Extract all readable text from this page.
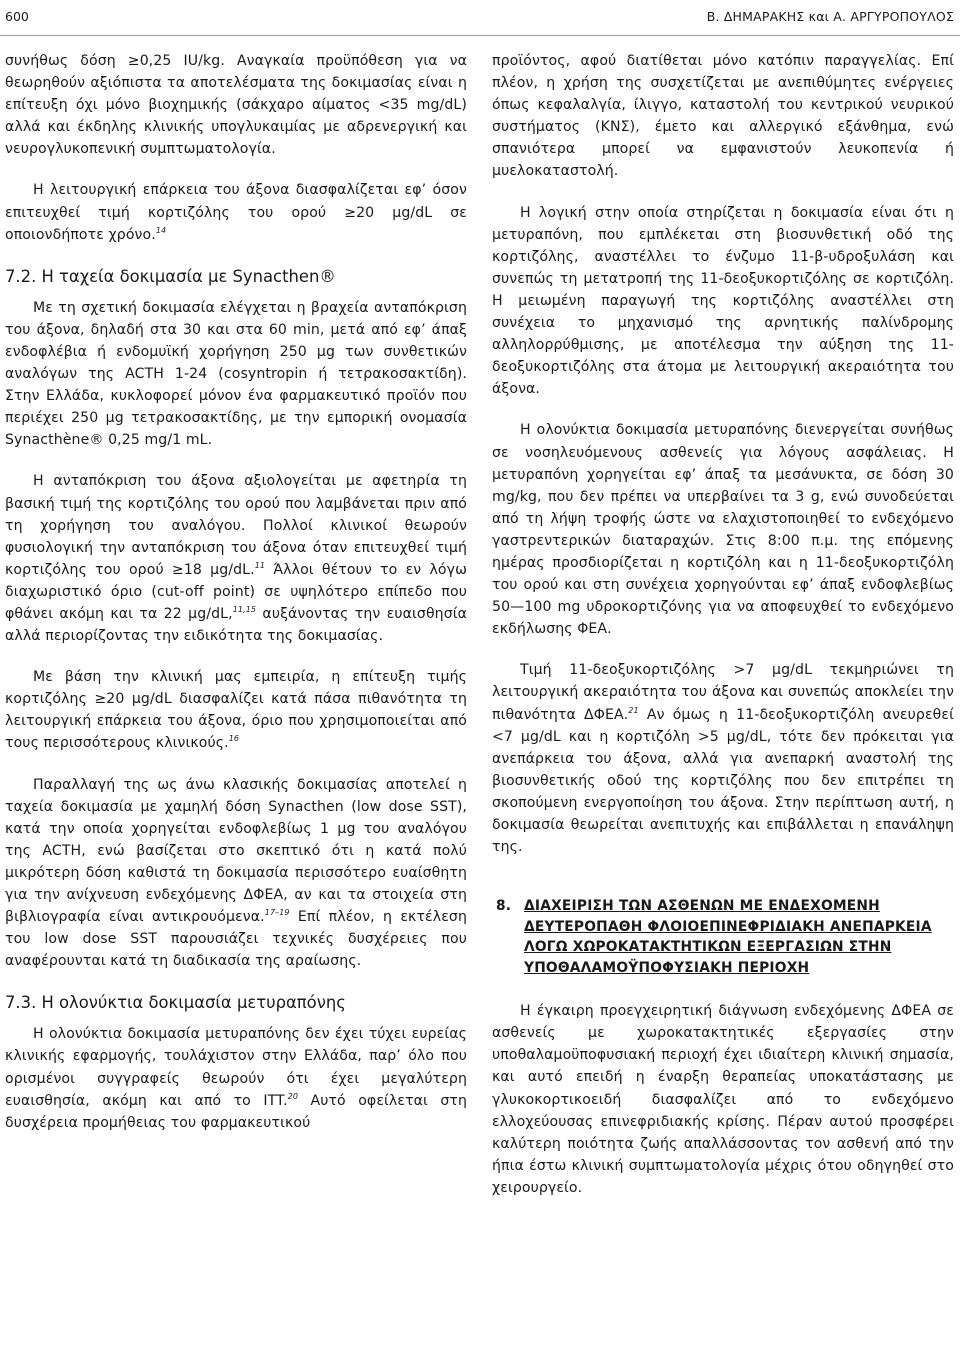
600	Β. ΔΗΜΑΡΑΚΗΣ και Α. ΑΡΓΥΡΟΠΟΥΛΟΣ

συνήθως δόση ≥0,25 IU/kg. Αναγκαία προϋπόθεση για να θεωρηθούν αξιόπιστα τα αποτελέσματα της δοκιμασίας είναι η επίτευξη όχι μόνο βιοχημικής (σάκχαρο αίματος <35 mg/dL) αλλά και έκδηλης κλινικής υπογλυκαιμίας με αδρενεργική και νευρογλυκοπενική συμπτωματολογία.

Η λειτουργική επάρκεια του άξονα διασφαλίζεται εφ’ όσον επιτευχθεί τιμή κορτιζόλης του ορού ≥20 μg/dL σε οποιονδήποτε χρόνο.$^{14}$

7.2. Η ταχεία δοκιμασία με Synacthen®

Με τη σχετική δοκιμασία ελέγχεται η βραχεία ανταπόκριση του άξονα, δηλαδή στα 30 και στα 60 min, μετά από εφ’ άπαξ ενδοφλέβια ή ενδομυϊκή χορήγηση 250 μg των συνθετικών αναλόγων της ACTH 1-24 (cosyntropin ή τετρακοσακτίδη). Στην Ελλάδα, κυκλοφορεί μόνον ένα φαρμακευτικό προϊόν που περιέχει 250 μg τετρακοσακτίδης, με την εμπορική ονομασία Synacthène® 0,25 mg/1 mL.

Η ανταπόκριση του άξονα αξιολογείται με αφετηρία τη βασική τιμή της κορτιζόλης του ορού που λαμβάνεται πριν από τη χορήγηση του αναλόγου. Πολλοί κλινικοί θεωρούν φυσιολογική την ανταπόκριση του άξονα όταν επιτευχθεί τιμή κορτιζόλης του ορού ≥18 μg/dL.$^{11}$ Άλλοι θέτουν το εν λόγω διαχωριστικό όριο (cut-off point) σε υψηλότερο επίπεδο που φθάνει ακόμη και τα 22 μg/dL,$^{11,15}$ αυξάνοντας την ευαισθησία αλλά περιορίζοντας την ειδικότητα της δοκιμασίας.

Με βάση την κλινική μας εμπειρία, η επίτευξη τιμής κορτιζόλης ≥20 μg/dL διασφαλίζει κατά πάσα πιθανότητα τη λειτουργική επάρκεια του άξονα, όριο που χρησιμοποιείται από τους περισσότερους κλινικούς.$^{16}$

Παραλλαγή της ως άνω κλασικής δοκιμασίας αποτελεί η ταχεία δοκιμασία με χαμηλή δόση Synacthen (low dose SST), κατά την οποία χορηγείται ενδοφλεβίως 1 μg του αναλόγου της ACTH, ενώ βασίζεται στο σκεπτικό ότι η κατά πολύ μικρότερη δόση καθιστά τη δοκιμασία περισσότερο ευαίσθητη για την ανίχνευση ενδεχόμενης ΔΦΕΑ, αν και τα στοιχεία στη βιβλιογραφία είναι αντικρουόμενα.$^{17-19}$ Επί πλέον, η εκτέλεση του low dose SST παρουσιάζει τεχνικές δυσχέρειες που αναφέρουνται κατά τη διαδικασία της αραίωσης.

7.3. Η ολονύκτια δοκιμασία μετυραπόνης

Η ολονύκτια δοκιμασία μετυραπόνης δεν έχει τύχει ευρείας κλινικής εφαρμογής, τουλάχιστον στην Ελλάδα, παρ’ όλο που ορισμένοι συγγραφείς θεωρούν ότι έχει μεγαλύτερη ευαισθησία, ακόμη και από το ITT.$^{20}$ Αυτό οφείλεται στη δυσχέρεια προμήθειας του φαρμακευτικού

προϊόντος, αφού διατίθεται μόνο κατόπιν παραγγελίας. Επί πλέον, η χρήση της συσχετίζεται με ανεπιθύμητες ενέργειες όπως κεφαλαλγία, ίλιγγο, καταστολή του κεντρικού νευρικού συστήματος (ΚΝΣ), έμετο και αλλεργικό εξάνθημα, ενώ σπανιότερα μπορεί να εμφανιστούν λευκοπενία ή μυελοκαταστολή.

Η λογική στην οποία στηρίζεται η δοκιμασία είναι ότι η μετυραπόνη, που εμπλέκεται στη βιοσυνθετική οδό της κορτιζόλης, αναστέλλει το ένζυμο 11-β-υδροξυλάση και συνεπώς τη μετατροπή της 11-δεοξυκορτιζόλης σε κορτιζόλη. Η μειωμένη παραγωγή της κορτιζόλης αναστέλλει στη συνέχεια το μηχανισμό της αρνητικής παλίνδρομης αλληλορρύθμισης, με αποτέλεσμα την αύξηση της 11-δεοξυκορτιζόλης στα άτομα με λειτουργική ακεραιότητα του άξονα.

Η ολονύκτια δοκιμασία μετυραπόνης διενεργείται συνήθως σε νοσηλευόμενους ασθενείς για λόγους ασφάλειας. Η μετυραπόνη χορηγείται εφ’ άπαξ τα μεσάνυκτα, σε δόση 30 mg/kg, που δεν πρέπει να υπερβαίνει τα 3 g, ενώ συνοδεύεται από τη λήψη τροφής ώστε να ελαχιστοποιηθεί το ενδεχόμενο γαστρεντερικών διαταραχών. Στις 8:00 π.μ. της επόμενης ημέρας προσδιορίζεται η κορτιζόλη και η 11-δεοξυκορτιζόλη του ορού και στη συνέχεια χορηγούνται εφ’ άπαξ ενδοφλεβίως 50—100 mg υδροκορτιζόνης για να αποφευχθεί το ενδεχόμενο εκδήλωσης ΦΕΑ.

Τιμή 11-δεοξυκορτιζόλης >7 μg/dL τεκμηριώνει τη λειτουργική ακεραιότητα του άξονα και συνεπώς αποκλείει την πιθανότητα ΔΦΕΑ.$^{21}$ Αν όμως η 11-δεοξυκορτιζόλη ανευρεθεί <7 μg/dL και η κορτιζόλη >5 μg/dL, τότε δεν πρόκειται για ανεπάρκεια του άξονα, αλλά για ανεπαρκή αναστολή της βιοσυνθετικής οδού της κορτιζόλης που δεν επιτρέπει τη σκοπούμενη ενεργοποίηση του άξονα. Στην περίπτωση αυτή, η δοκιμασία θεωρείται ανεπιτυχής και επιβάλλεται η επανάληψη της.

8. ΔΙΑΧΕΙΡΙΣΗ ΤΩΝ ΑΣΘΕΝΩΝ ΜΕ ΕΝΔΕΧΟΜΕΝΗ ΔΕΥΤΕΡΟΠΑΘΗ ΦΛΟΙΟΕΠΙΝΕΦΡΙΔΙΑΚΗ ΑΝΕΠΑΡΚΕΙΑ ΛΟΓΩ ΧΩΡΟΚΑΤΑΚΤΗΤΙΚΩΝ ΕΞΕΡΓΑΣΙΩΝ ΣΤΗΝ ΥΠΟΘΑΛΑΜΟΫΠΟΦΥΣΙΑΚΗ ΠΕΡΙΟΧΗ

Η έγκαιρη προεγχειρητική διάγνωση ενδεχόμενης ΔΦΕΑ σε ασθενείς με χωροκατακτητικές εξεργασίες στην υποθαλαμοϋποφυσιακή περιοχή έχει ιδιαίτερη κλινική σημασία, και αυτό επειδή η έναρξη θεραπείας υποκατάστασης με γλυκοκορτικοειδή διασφαλίζει από το ενδεχόμενο ελλοχεύουσας επινεφριδιακής κρίσης. Πέραν αυτού προσφέρει καλύτερη ποιότητα ζωής απαλλάσσοντας τον ασθενή από την ήπια έστω κλινική συμπτωματολογία μέχρις ότου οδηγηθεί στο χειρουργείο.
